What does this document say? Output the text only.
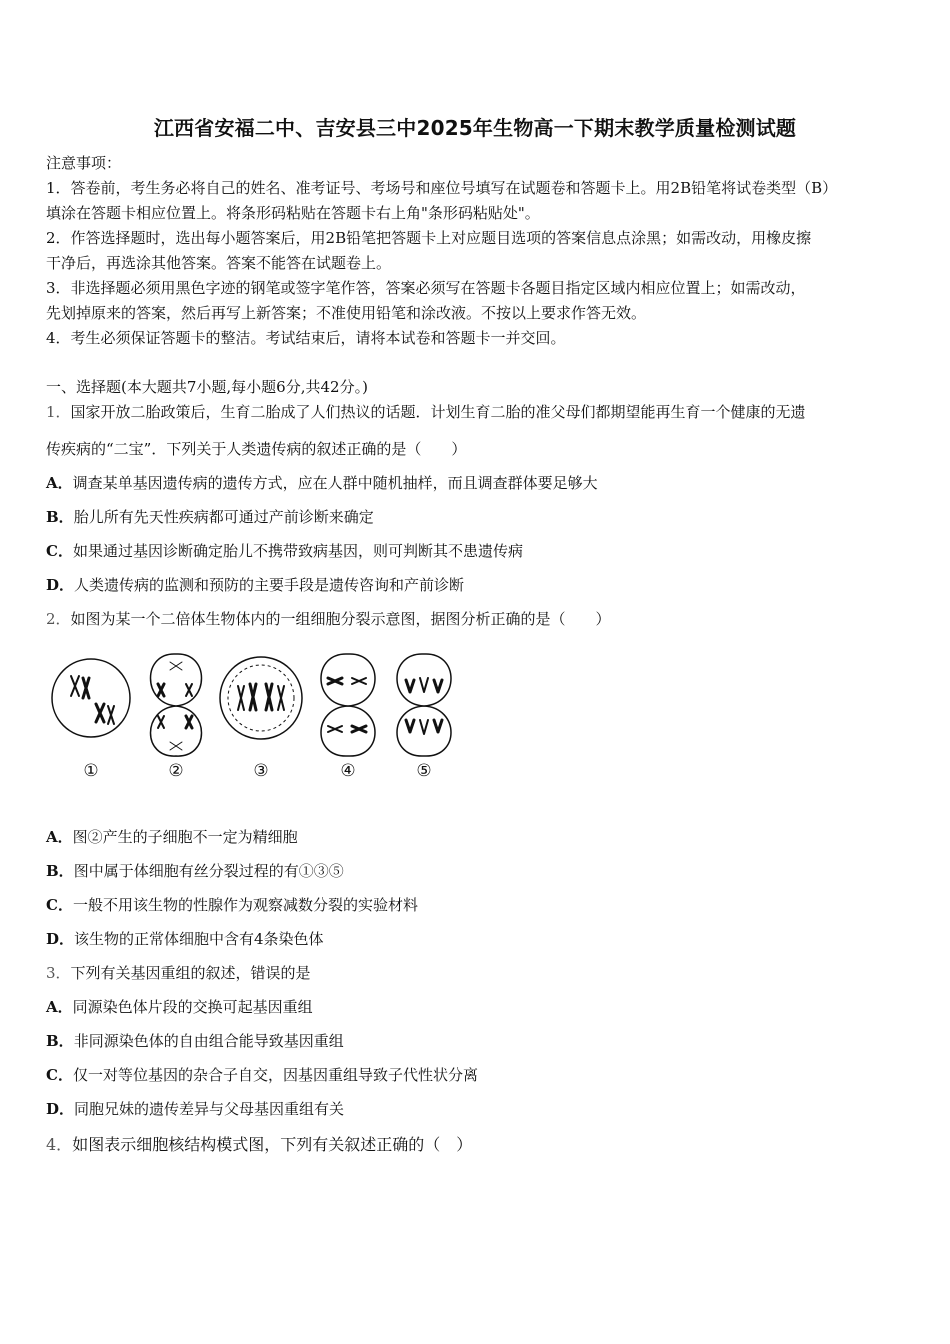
江西省安福二中、吉安县三中2025年生物高一下期末教学质量检测试题
注意事项：
1．答卷前，考生务必将自己的姓名、准考证号、考场号和座位号填写在试题卷和答题卡上。用2B铅笔将试卷类型（B）
填涂在答题卡相应位置上。将条形码粘贴在答题卡右上角"条形码粘贴处"。
2．作答选择题时，选出每小题答案后，用2B铅笔把答题卡上对应题目选项的答案信息点涂黑；如需改动，用橡皮擦
干净后，再选涂其他答案。答案不能答在试题卷上。
3．非选择题必须用黑色字迹的钢笔或签字笔作答，答案必须写在答题卡各题目指定区域内相应位置上；如需改动，
先划掉原来的答案，然后再写上新答案；不准使用铅笔和涂改液。不按以上要求作答无效。
4．考生必须保证答题卡的整洁。考试结束后，请将本试卷和答题卡一并交回。
一、选择题(本大题共7小题,每小题6分,共42分。)
1．国家开放二胎政策后，生育二胎成了人们热议的话题．计划生育二胎的准父母们都期望能再生育一个健康的无遗
传疾病的“二宝”．下列关于人类遗传病的叙述正确的是（　　）
A．调查某单基因遗传病的遗传方式，应在人群中随机抽样，而且调查群体要足够大
B．胎儿所有先天性疾病都可通过产前诊断来确定
C．如果通过基因诊断确定胎儿不携带致病基因，则可判断其不患遗传病
D．人类遗传病的监测和预防的主要手段是遗传咨询和产前诊断
2．如图为某一个二倍体生物体内的一组细胞分裂示意图，据图分析正确的是（　　）
①	②	③	④	⑤
A．图②产生的子细胞不一定为精细胞
B．图中属于体细胞有丝分裂过程的有①③⑤
C．一般不用该生物的性腺作为观察减数分裂的实验材料
D．该生物的正常体细胞中含有4条染色体
3．下列有关基因重组的叙述，错误的是
A．同源染色体片段的交换可起基因重组
B．非同源染色体的自由组合能导致基因重组
C．仅一对等位基因的杂合子自交，因基因重组导致子代性状分离
D．同胞兄妹的遗传差异与父母基因重组有关
4．如图表示细胞核结构模式图，下列有关叙述正确的（　）
